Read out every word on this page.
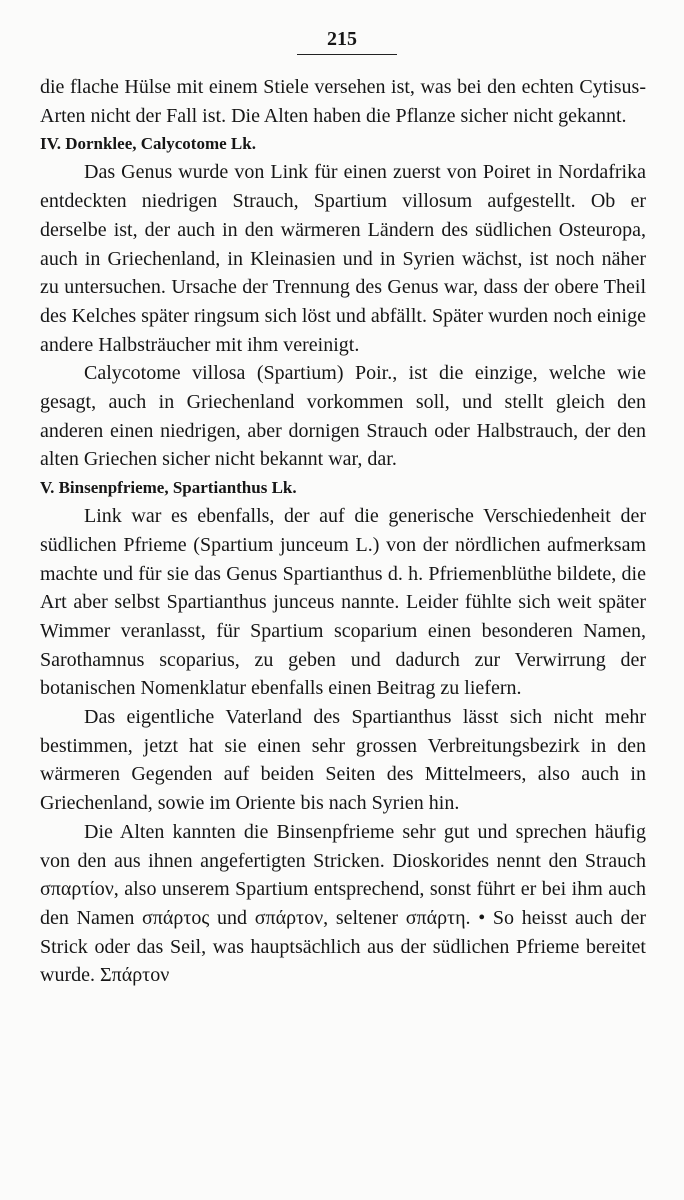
215

die flache Hülse mit einem Stiele versehen ist, was bei den echten Cytisus-Arten nicht der Fall ist. Die Alten haben die Pflanze sicher nicht gekannt.

IV. Dornklee, Calycotome Lk.

Das Genus wurde von Link für einen zuerst von Poiret in Nordafrika entdeckten niedrigen Strauch, Spartium villosum aufgestellt. Ob er derselbe ist, der auch in den wärmeren Ländern des südlichen Osteuropa, auch in Griechenland, in Kleinasien und in Syrien wächst, ist noch näher zu untersuchen. Ursache der Trennung des Genus war, dass der obere Theil des Kelches später ringsum sich löst und abfällt. Später wurden noch einige andere Halbsträucher mit ihm vereinigt.

Calycotome villosa (Spartium) Poir., ist die einzige, welche wie gesagt, auch in Griechenland vorkommen soll, und stellt gleich den anderen einen niedrigen, aber dornigen Strauch oder Halbstrauch, der den alten Griechen sicher nicht bekannt war, dar.

V. Binsenpfrieme, Spartianthus Lk.

Link war es ebenfalls, der auf die generische Verschiedenheit der südlichen Pfrieme (Spartium junceum L.) von der nördlichen aufmerksam machte und für sie das Genus Spartianthus d. h. Pfriemenblüthe bildete, die Art aber selbst Spartianthus junceus nannte. Leider fühlte sich weit später Wimmer veranlasst, für Spartium scoparium einen besonderen Namen, Sarothamnus scoparius, zu geben und dadurch zur Verwirrung der botanischen Nomenklatur ebenfalls einen Beitrag zu liefern.

Das eigentliche Vaterland des Spartianthus lässt sich nicht mehr bestimmen, jetzt hat sie einen sehr grossen Verbreitungsbezirk in den wärmeren Gegenden auf beiden Seiten des Mittelmeers, also auch in Griechenland, sowie im Oriente bis nach Syrien hin.

Die Alten kannten die Binsenpfrieme sehr gut und sprechen häufig von den aus ihnen angefertigten Stricken. Dioskorides nennt den Strauch σπαρτίον, also unserem Spartium entsprechend, sonst führt er bei ihm auch den Namen σπάρτος und σπάρτον, seltener σπάρτη. • So heisst auch der Strick oder das Seil, was hauptsächlich aus der südlichen Pfrieme bereitet wurde. Σπάρτον
